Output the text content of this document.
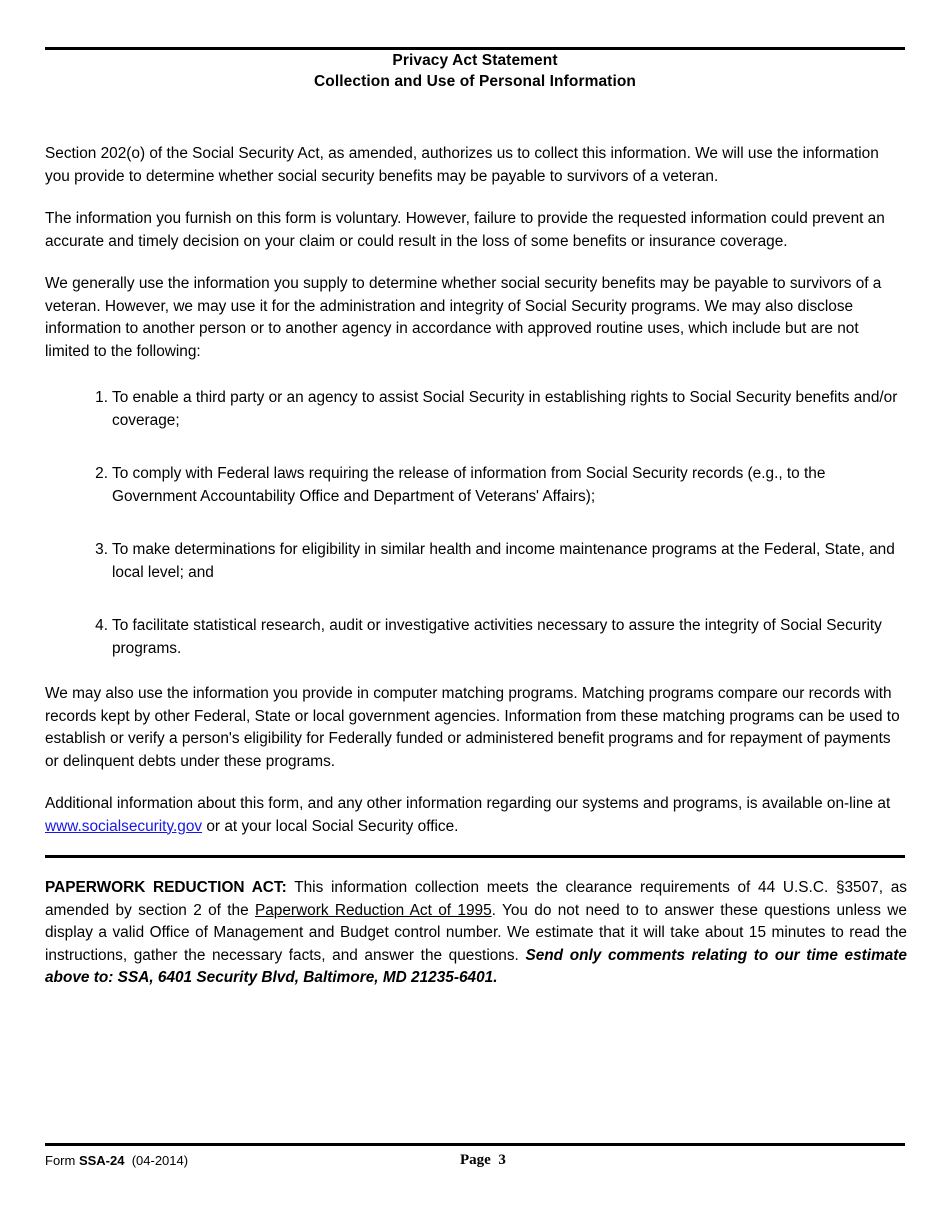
Privacy Act Statement
Collection and Use of Personal Information

Section 202(o) of the Social Security Act, as amended, authorizes us to collect this information. We will use the information you provide to determine whether social security benefits may be payable to survivors of a veteran.

The information you furnish on this form is voluntary. However, failure to provide the requested information could prevent an accurate and timely decision on your claim or could result in the loss of some benefits or insurance coverage.

We generally use the information you supply to determine whether social security benefits may be payable to survivors of a veteran. However, we may use it for the administration and integrity of Social Security programs. We may also disclose information to another person or to another agency in accordance with approved routine uses, which include but are not limited to the following:

1. To enable a third party or an agency to assist Social Security in establishing rights to Social Security benefits and/or coverage;
2. To comply with Federal laws requiring the release of information from Social Security records (e.g., to the Government Accountability Office and Department of Veterans' Affairs);
3. To make determinations for eligibility in similar health and income maintenance programs at the Federal, State, and local level; and
4. To facilitate statistical research, audit or investigative activities necessary to assure the integrity of Social Security programs.

We may also use the information you provide in computer matching programs. Matching programs compare our records with records kept by other Federal, State or local government agencies. Information from these matching programs can be used to establish or verify a person's eligibility for Federally funded or administered benefit programs and for repayment of payments or delinquent debts under these programs.

Additional information about this form, and any other information regarding our systems and programs, is available on-line at www.socialsecurity.gov or at your local Social Security office.

PAPERWORK REDUCTION ACT: This information collection meets the clearance requirements of 44 U.S.C. §3507, as amended by section 2 of the Paperwork Reduction Act of 1995. You do not need to to answer these questions unless we display a valid Office of Management and Budget control number. We estimate that it will take about 15 minutes to read the instructions, gather the necessary facts, and answer the questions. Send only comments relating to our time estimate above to: SSA, 6401 Security Blvd, Baltimore, MD 21235-6401.
Form SSA-24  (04-2014)	Page  3
